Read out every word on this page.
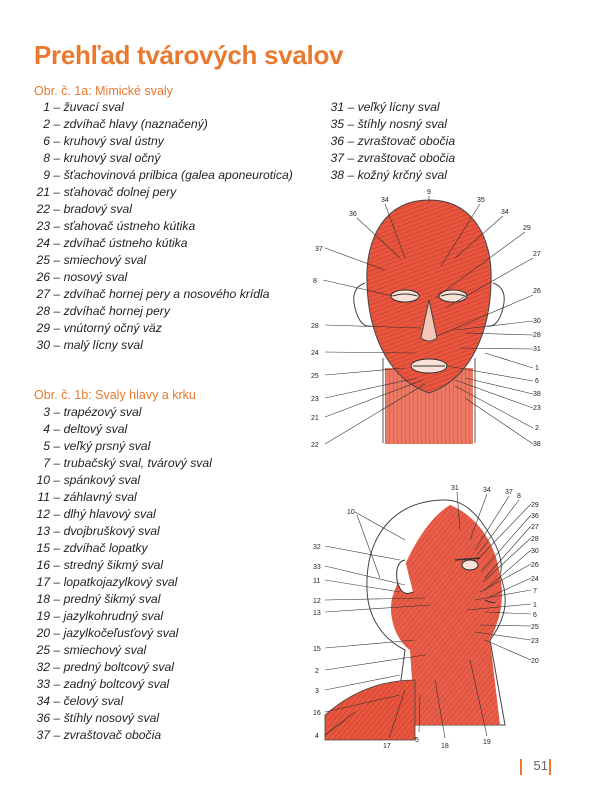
Prehľad tvárových svalov
Obr. č. 1a: Mimické svaly
1 – žuvací sval
2 – zdvíhač hlavy (naznačený)
6 – kruhový sval ústny
8 – kruhový sval očný
9 – šťachovinová prilbica (galea aponeurotica)
21 – sťahovač dolnej pery
22 – bradový sval
23 – sťahovač ústneho kútika
24 – zdvíhač ústneho kútika
25 – smiechový sval
26 – nosový sval
27 – zdvíhač hornej pery a nosového krídla
28 – zdvíhač hornej pery
29 – vnútorný očný väz
30 – malý lícny sval
31 – veľký lícny sval
35 – štíhly nosný sval
36 – zvraštovač obočia
37 – zvraštovač obočia
38 – kožný krčný sval
Obr. č. 1b: Svaly hlavy a krku
3 – trapézový sval
4 – deltový sval
5 – veľký prsný sval
7 – trubačský sval, tvárový sval
10 – spánkový sval
11 – záhlavný sval
12 – dlhý hlavový sval
13 – dvojbruškový sval
15 – zdvíhač lopatky
16 – stredný šikmý sval
17 – lopatkojazylkový sval
18 – predný šikmý sval
19 – jazylkohrudný sval
20 – jazylkočeľusťový sval
25 – smiechový sval
32 – predný boltcový sval
33 – zadný boltcový sval
34 – čelový sval
36 – štíhly nosový sval
37 – zvraštovač obočia
37
8
28
24
25
23
21
22
36
34
9
35
34
29
27
26
30
28
31
1
6
38
23
2
38
10
32
33
11
12
13
15
2
3
16
4
31	34 37
8
29
36
27
28
30
26
24
7
1
6
25
23
20
17
5
18
19
51
